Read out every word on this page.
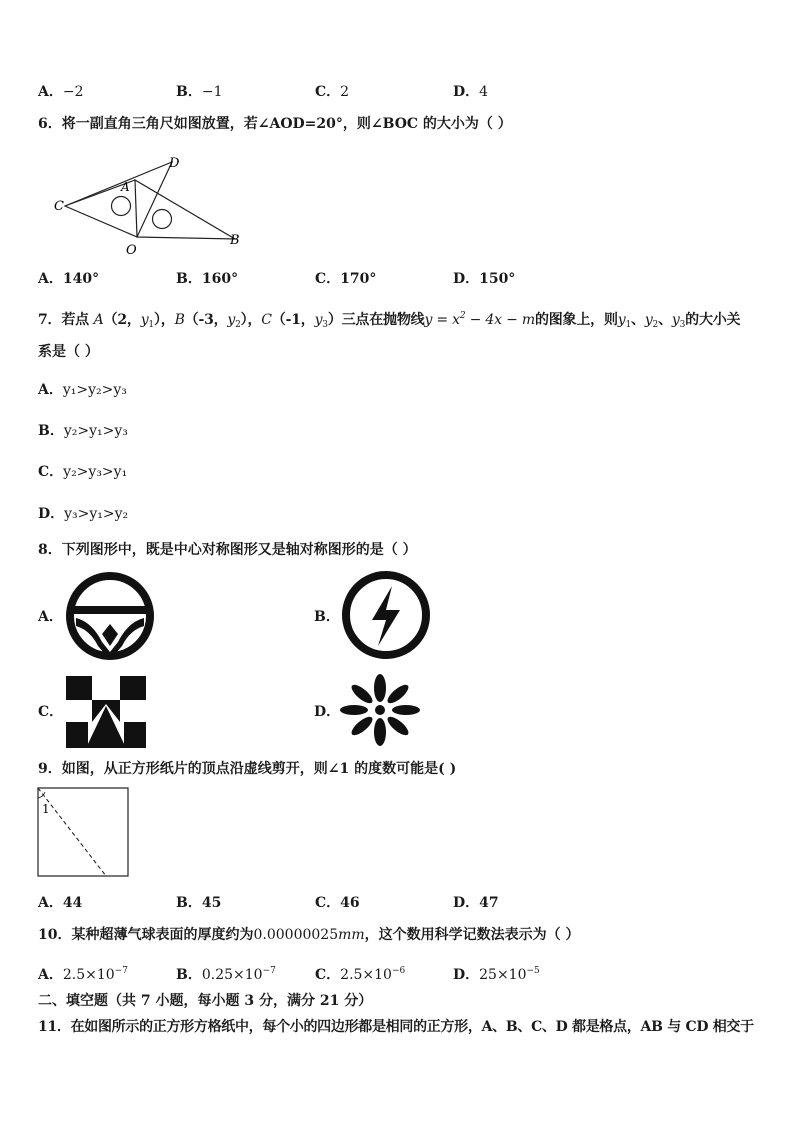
A．−2	B．−1	C．2	D．4
6．将一副直角三角尺如图放置，若∠AOD=20°，则∠BOC 的大小为（ ）
C
A
D
O
B
A．140°	B．160°	C．170°	D．150°
7．若点 A（2，$y_1$），B（-3，$y_2$），C（-1，$y_3$）三点在抛物线$y = x^2 - 4x - m$的图象上，则$y_1$、$y_2$、$y_3$的大小关
系是（ ）
A．y₁>y₂>y₃
B．y₂>y₁>y₃
C．y₂>y₃>y₁
D．y₃>y₁>y₂
8．下列图形中，既是中心对称图形又是轴对称图形的是（ ）
A．	B．
C．	D．
9．如图，从正方形纸片的顶点沿虚线剪开，则∠1 的度数可能是( )
1
A．44	B．45	C．46	D．47
10．某种超薄气球表面的厚度约为0.00000025mm，这个数用科学记数法表示为（ ）
A．$2.5\times 10^{-7}$	B．$0.25\times 10^{-7}$	C．$2.5\times 10^{-6}$	D．$25\times 10^{-5}$
二、填空题（共 7 小题，每小题 3 分，满分 21 分）
11．在如图所示的正方形方格纸中，每个小的四边形都是相同的正方形，A、B、C、D 都是格点，AB 与 CD 相交于
